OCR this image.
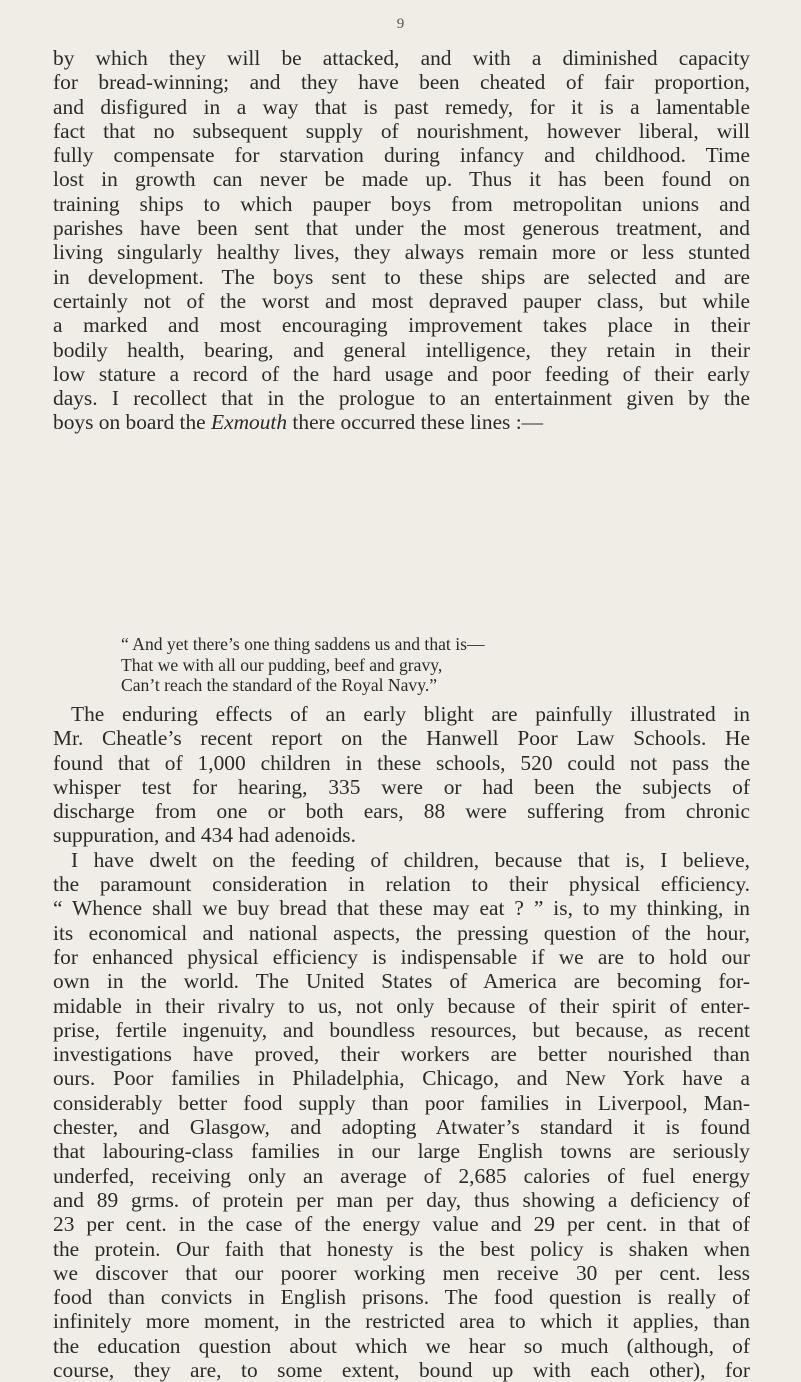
9
by which they will be attacked, and with a diminished capacity
for bread-winning; and they have been cheated of fair proportion,
and disfigured in a way that is past remedy, for it is a lamentable
fact that no subsequent supply of nourishment, however liberal, will
fully compensate for starvation during infancy and childhood. Time
lost in growth can never be made up. Thus it has been found on
training ships to which pauper boys from metropolitan unions and
parishes have been sent that under the most generous treatment, and
living singularly healthy lives, they always remain more or less stunted
in development. The boys sent to these ships are selected and are
certainly not of the worst and most depraved pauper class, but while
a marked and most encouraging improvement takes place in their
bodily health, bearing, and general intelligence, they retain in their
low stature a record of the hard usage and poor feeding of their early
days. I recollect that in the prologue to an entertainment given by the
boys on board the Exmouth there occurred these lines :—
“ And yet there’s one thing saddens us and that is—
That we with all our pudding, beef and gravy,
Can’t reach the standard of the Royal Navy.”
The enduring effects of an early blight are painfully illustrated in
Mr. Cheatle’s recent report on the Hanwell Poor Law Schools. He
found that of 1,000 children in these schools, 520 could not pass the
whisper test for hearing, 335 were or had been the subjects of
discharge from one or both ears, 88 were suffering from chronic
suppuration, and 434 had adenoids.
I have dwelt on the feeding of children, because that is, I believe,
the paramount consideration in relation to their physical efficiency.
“ Whence shall we buy bread that these may eat ? ” is, to my thinking, in
its economical and national aspects, the pressing question of the hour,
for enhanced physical efficiency is indispensable if we are to hold our
own in the world. The United States of America are becoming for-
midable in their rivalry to us, not only because of their spirit of enter-
prise, fertile ingenuity, and boundless resources, but because, as recent
investigations have proved, their workers are better nourished than
ours. Poor families in Philadelphia, Chicago, and New York have a
considerably better food supply than poor families in Liverpool, Man-
chester, and Glasgow, and adopting Atwater’s standard it is found
that labouring-class families in our large English towns are seriously
underfed, receiving only an average of 2,685 calories of fuel energy
and 89 grms. of protein per man per day, thus showing a deficiency of
23 per cent. in the case of the energy value and 29 per cent. in that of
the protein. Our faith that honesty is the best policy is shaken when
we discover that our poorer working men receive 30 per cent. less
food than convicts in English prisons. The food question is really of
infinitely more moment, in the restricted area to which it applies, than
the education question about which we hear so much (although, of
course, they are, to some extent, bound up with each other), for
